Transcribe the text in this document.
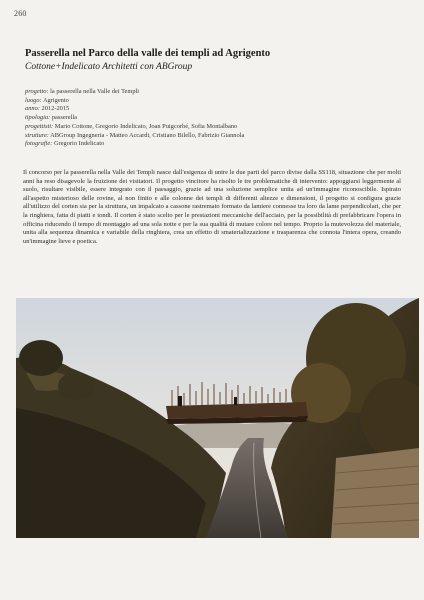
260
Passerella nel Parco della valle dei templi ad Agrigento
Cottone+Indelicato Architetti con ABGroup
progetto: la passerella nella Valle dei Templi
luogo: Agrigento
anno: 2012-2015
tipologia: passerella
progettisti: Mario Cottone, Gregorio Indelicato, Joan Puigcorbé, Sofia Montalbano
strutture: ABGroup Ingegneria - Matteo Accardi, Cristiano Bilello, Fabrizio Giannola
fotografie: Gregorio Indelicato

Il concorso per la passerella nella Valle dei Templi nasce dall'esigenza di unire le due parti del parco divise dalla SS118, situazione che per molti anni ha reso disagevole la fruizione dei visitatori. Il progetto vincitore ha risolto le tre problematiche di intervento: appoggiarsi leggermente al suolo, risultare visibile, essere integrato con il paesaggio, grazie ad una soluzione semplice unita ad un'immagine riconoscibile. Ispirato all'aspetto misterioso delle rovine, al non finito e alle colonne dei templi di differenti altezze e dimensioni, il progetto si configura grazie all'utilizzo del corten sia per la struttura, un impalcato a cassone rastremato formato da lamiere connesse tra loro da lame perpendicolari, che per la ringhiera, fatta di piatti e tondi. Il corten è stato scelto per le prestazioni meccaniche dell'acciaio, per la possibilità di prefabbricare l'opera in officina riducendo il tempo di montaggio ad una sola notte e per la sua qualità di mutare colore nel tempo. Proprio la mutevolezza del materiale, unita alla sequenza dinamica e variabile della ringhiera, crea un effetto di smaterializzazione e trasparenza che connota l'intera opera, creando un'immagine lieve e poetica.
